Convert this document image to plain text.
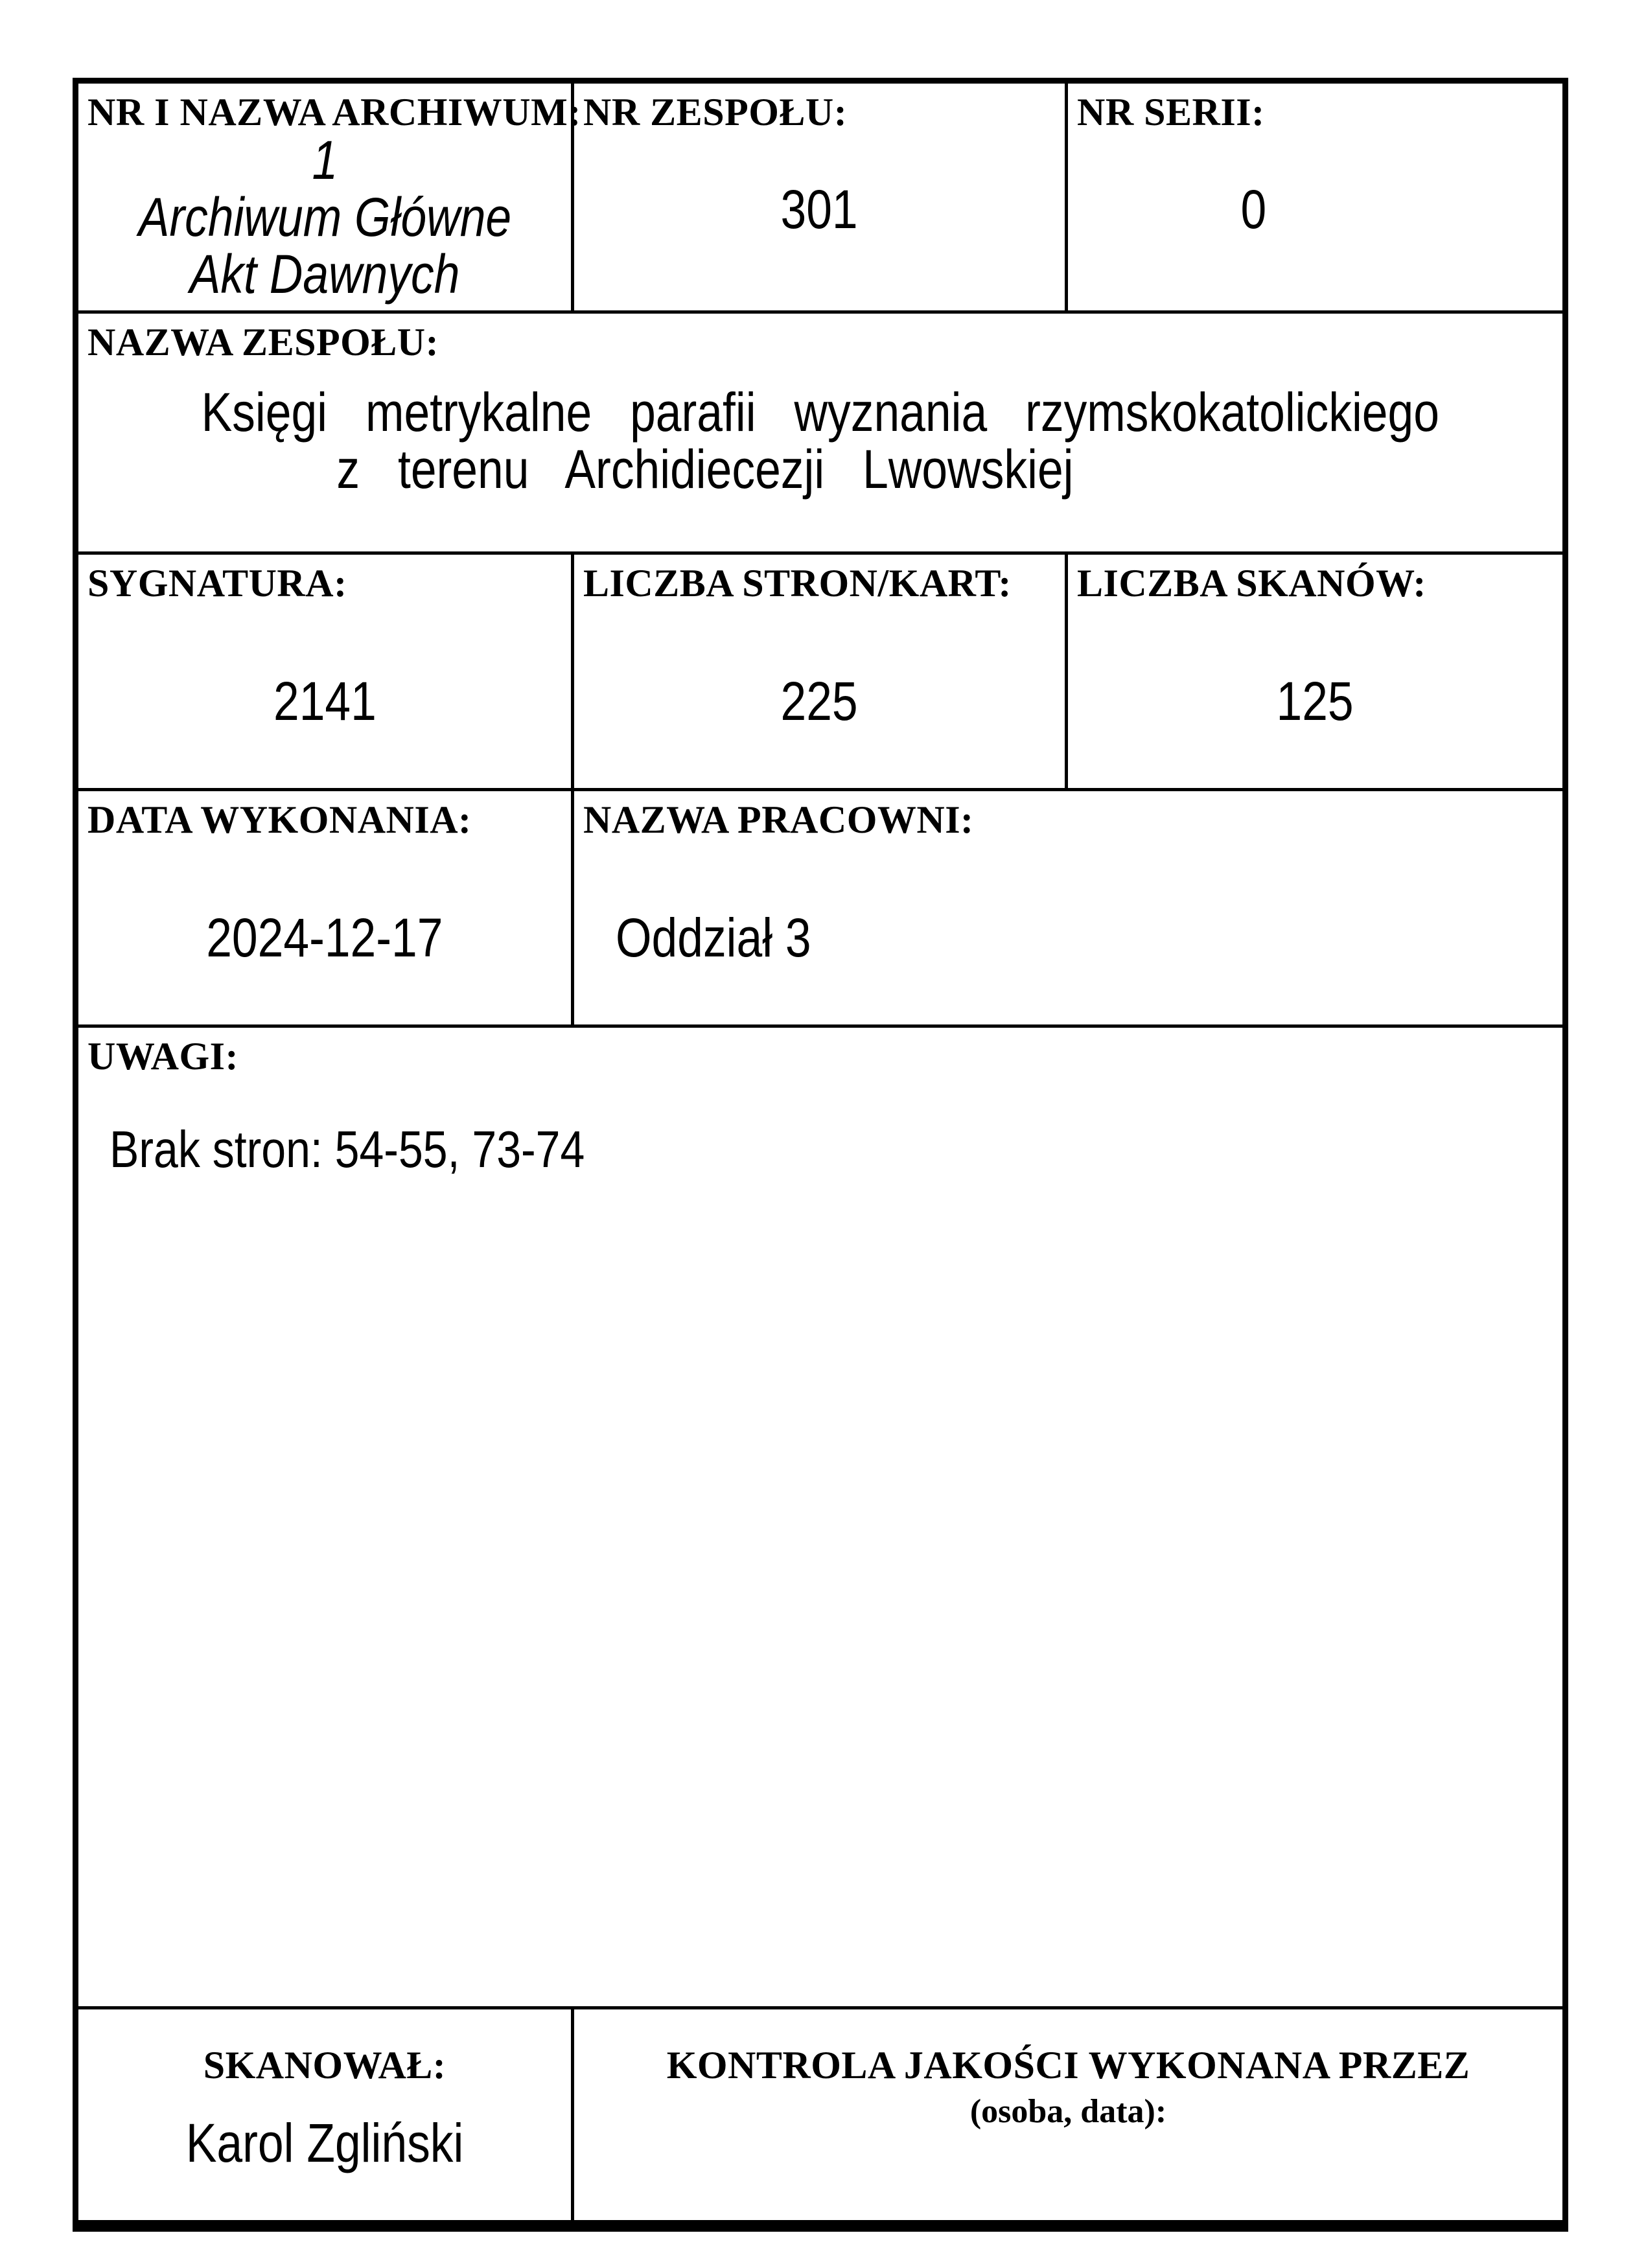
NR I NAZWA ARCHIWUM:
1
Archiwum Główne
Akt Dawnych
NR ZESPOŁU:
301
NR SERII:
0
NAZWA ZESPOŁU:
Księgi metrykalne parafii wyznania rzymskokatolickiego
z terenu Archidiecezji Lwowskiej
SYGNATURA:
2141
LICZBA STRON/KART:
225
LICZBA SKANÓW:
125
DATA WYKONANIA:
2024-12-17
NAZWA PRACOWNI:
Oddział 3
UWAGI:
Brak stron: 54-55, 73-74
SKANOWAŁ:
Karol Zgliński
KONTROLA JAKOŚCI WYKONANA PRZEZ
(osoba, data):
